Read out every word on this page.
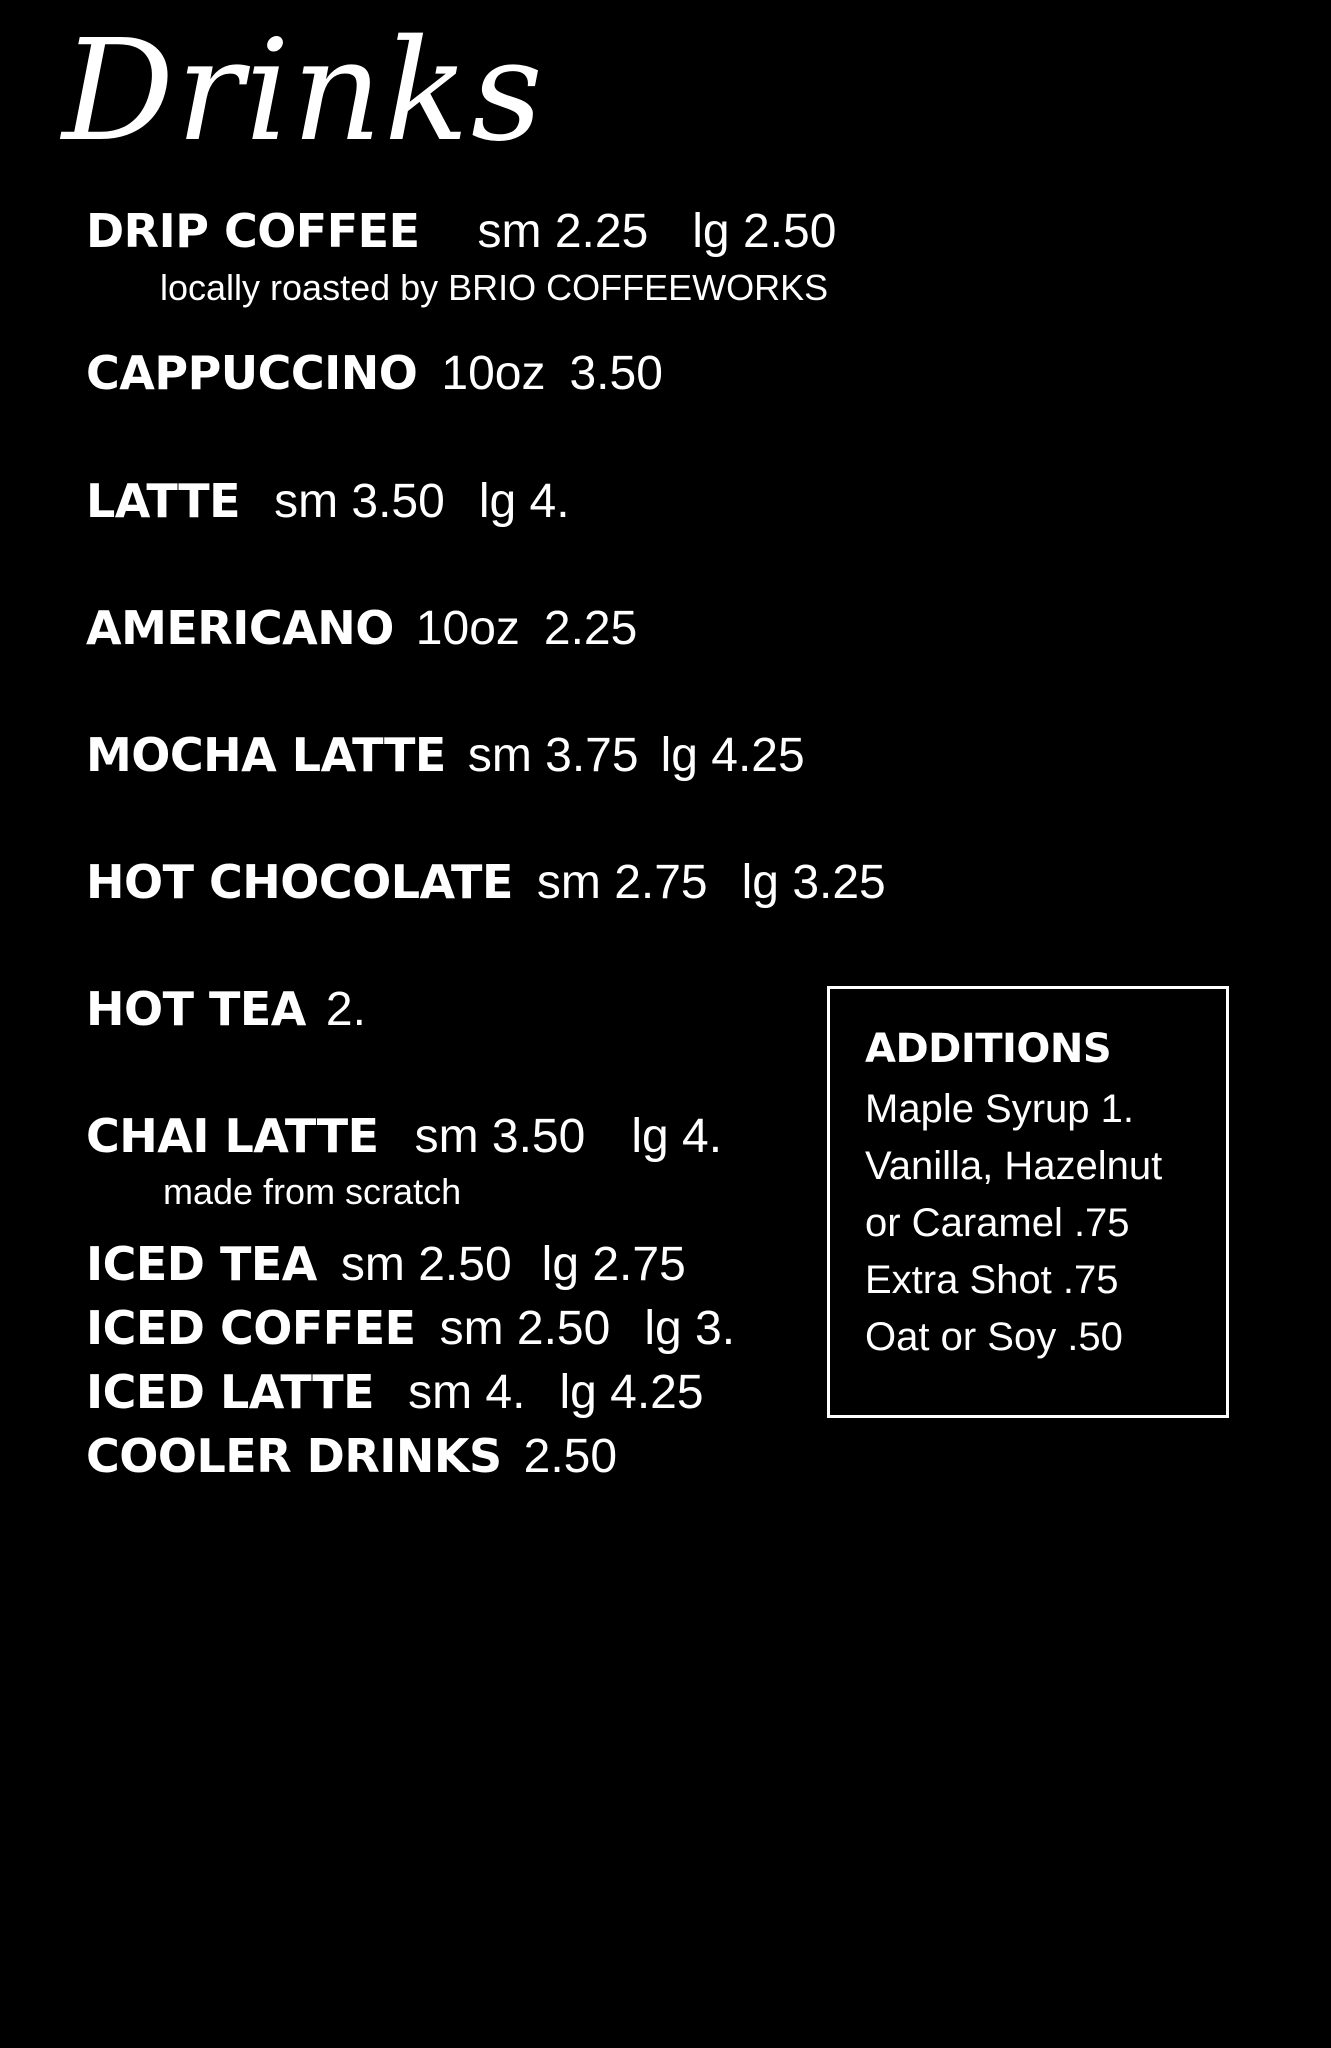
Drinks
DRIP COFFEE sm 2.25 lg 2.50
locally roasted by BRIO COFFEEWORKS
CAPPUCCINO 10oz 3.50
LATTE sm 3.50 lg 4.
AMERICANO 10oz 2.25
MOCHA LATTE sm 3.75 lg 4.25
HOT CHOCOLATE sm 2.75 lg 3.25
HOT TEA 2.
CHAI LATTE sm 3.50 lg 4.
made from scratch
ICED TEA sm 2.50 lg 2.75
ICED COFFEE sm 2.50 lg 3.
ICED LATTE sm 4. lg 4.25
COOLER DRINKS 2.50
ADDITIONS
Maple Syrup 1.
Vanilla, Hazelnut
or Caramel .75
Extra Shot .75
Oat or Soy .50
